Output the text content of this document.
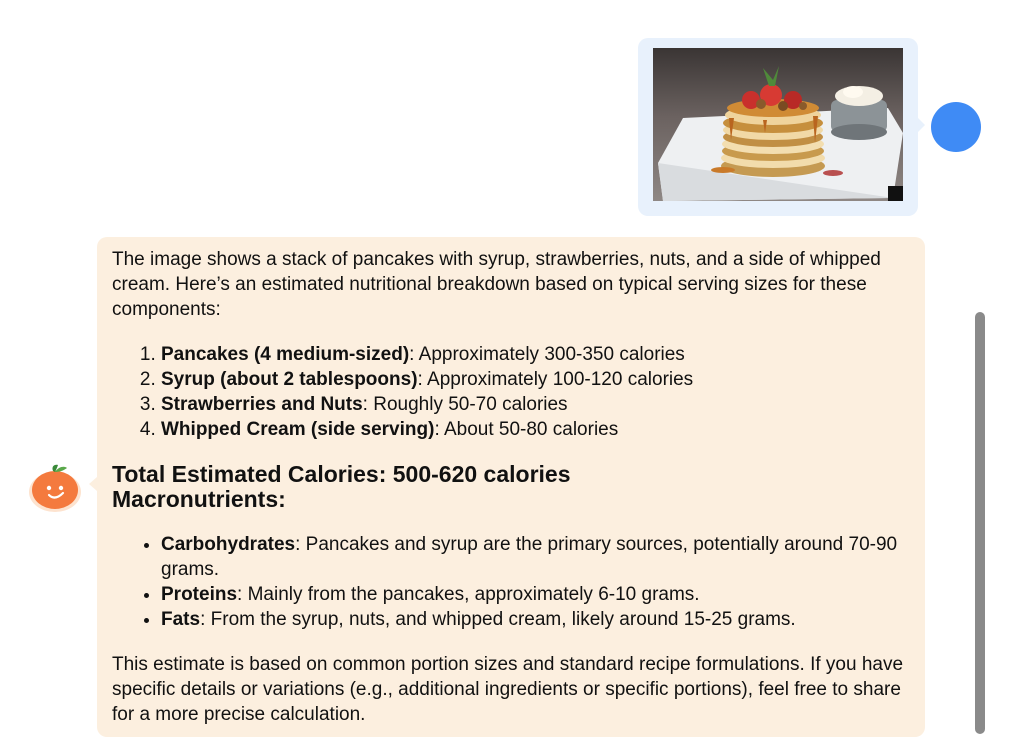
The image shows a stack of pancakes with syrup, strawberries, nuts, and a side of whipped cream. Here’s an estimated nutritional breakdown based on typical serving sizes for these components:

1. Pancakes (4 medium-sized): Approximately 300-350 calories
2. Syrup (about 2 tablespoons): Approximately 100-120 calories
3. Strawberries and Nuts: Roughly 50-70 calories
4. Whipped Cream (side serving): About 50-80 calories
Total Estimated Calories: 500-620 calories
Macronutrients:
• Carbohydrates: Pancakes and syrup are the primary sources, potentially around 70-90 grams.
• Proteins: Mainly from the pancakes, approximately 6-10 grams.
• Fats: From the syrup, nuts, and whipped cream, likely around 15-25 grams.

This estimate is based on common portion sizes and standard recipe formulations. If you have specific details or variations (e.g., additional ingredients or specific portions), feel free to share for a more precise calculation.
